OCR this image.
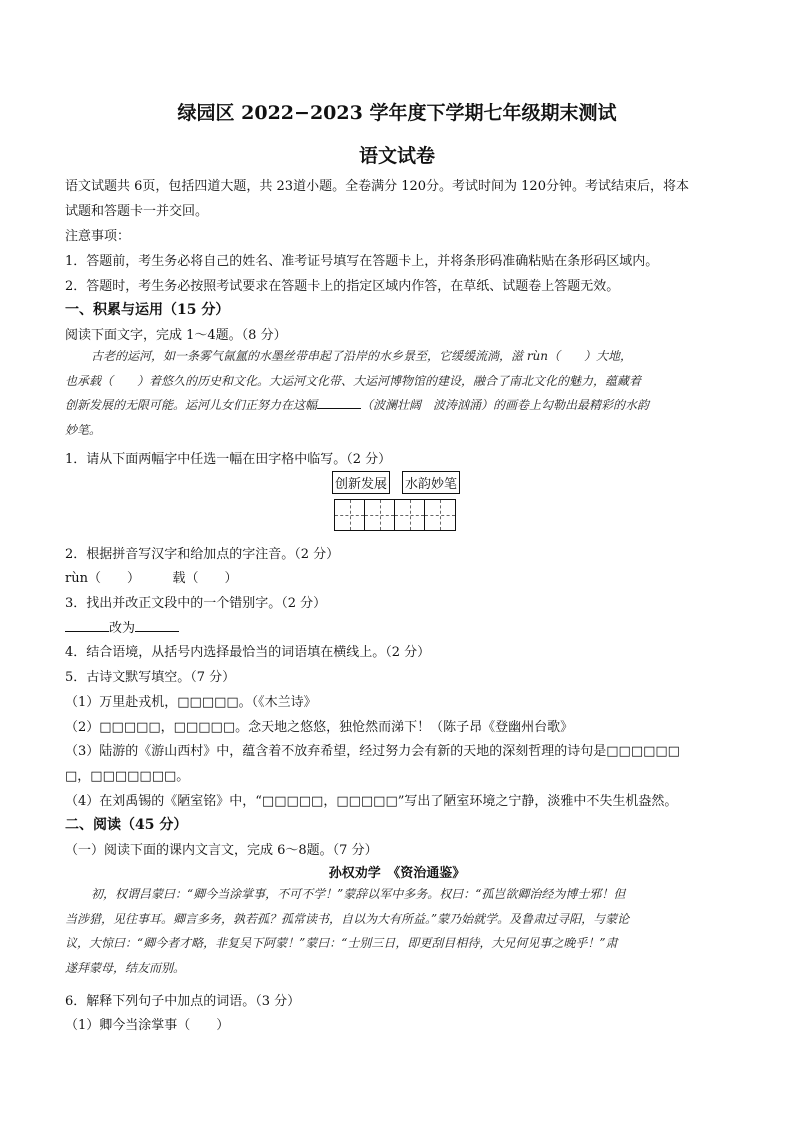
绿园区 2022−2023 学年度下学期七年级期末测试
语文试卷
语文试题共 6页，包括四道大题，共 23道小题。全卷满分 120分。考试时间为 120分钟。考试结束后，将本
试题和答题卡一并交回。
注意事项：
1．答题前，考生务必将自己的姓名、准考证号填写在答题卡上，并将条形码准确粘贴在条形码区域内。
2．答题时，考生务必按照考试要求在答题卡上的指定区域内作答，在草纸、试题卷上答题无效。
一、积累与运用（15 分）
阅读下面文字，完成 1～4题。（8 分）
古老的运河，如一条雾气氤氲的水墨丝带串起了沿岸的水乡景至，它缓缓流淌，滋 rùn（　　）大地，
也承载（　　）着悠久的历史和文化。大运河文化带、大运河博物馆的建设，融合了南北文化的魅力，蕴藏着
创新发展的无限可能。运河儿女们正努力在这幅	（波澜壮阔　波涛汹涌）的画卷上勾勒出最精彩的水韵
妙笔。
1．请从下面两幅字中任选一幅在田字格中临写。（2 分）
创新发展 水韵妙笔
2．根据拼音写汉字和给加点的字注音。（2 分）
rùn（　　）　　　载（　　）
3．找出并改正文段中的一个错别字。（2 分）
改为
4．结合语境，从括号内选择最恰当的词语填在横线上。（2 分）
5．古诗文默写填空。（7 分）
（1）万里赴戎机，□□□□□。（《木兰诗》
（2）□□□□□，□□□□□。念天地之悠悠，独怆然而涕下！（陈子昂《登幽州台歌》
（3）陆游的《游山西村》中，蕴含着不放弃希望，经过努力会有新的天地的深刻哲理的诗句是□□□□□□
□，□□□□□□□。
（4）在刘禹锡的《陋室铭》中，“□□□□□，□□□□□”写出了陋室环境之宁静，淡雅中不失生机盎然。
二、阅读（45 分）
（一）阅读下面的课内文言文，完成 6～8题。（7 分）
孙权劝学　《资治通鉴》
初，权谓吕蒙曰：“卿今当涂掌事，不可不学！”蒙辞以军中多务。权曰：“孤岂欲卿治经为博士邪！但
当涉猎，见往事耳。卿言多务，孰若孤？孤常读书，自以为大有所益。”蒙乃始就学。及鲁肃过寻阳，与蒙论
议，大惊曰：“卿今者才略，非复吴下阿蒙！”蒙曰：“士别三日，即更刮目相待，大兄何见事之晚乎！”肃
遂拜蒙母，结友而别。
6．解释下列句子中加点的词语。（3 分）
（1）卿今当涂掌事（　　）
